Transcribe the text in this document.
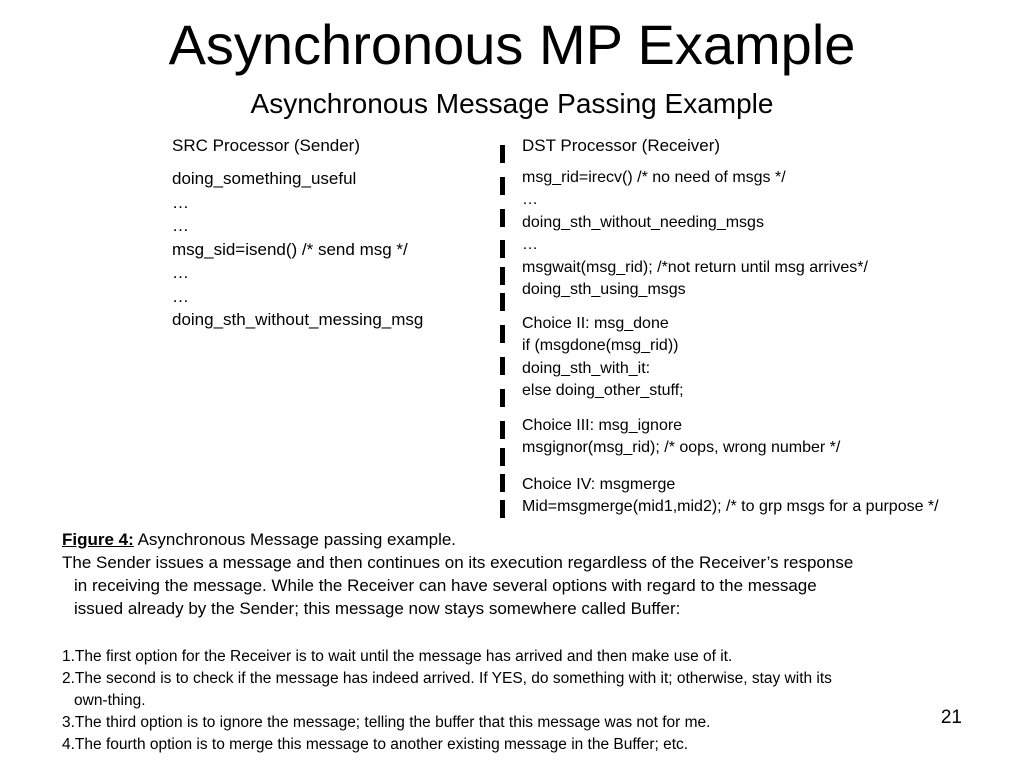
Asynchronous MP Example
Asynchronous Message Passing Example
SRC Processor (Sender)	DST Processor (Receiver)
doing_something_useful
…
…
msg_sid=isend() /* send msg */
…
…
doing_sth_without_messing_msg
msg_rid=irecv() /* no need of msgs */
…
doing_sth_without_needing_msgs
…
msgwait(msg_rid); /*not return until msg arrives*/
doing_sth_using_msgs
Choice II: msg_done
if (msgdone(msg_rid))
doing_sth_with_it:
else doing_other_stuff;
Choice III: msg_ignore
msgignor(msg_rid); /* oops, wrong number */
Choice IV: msgmerge
Mid=msgmerge(mid1,mid2); /* to grp msgs for a purpose */
Figure 4: Asynchronous Message passing example.
The Sender issues a message and then continues on its execution regardless of the Receiver’s response
in receiving the message. While the Receiver can have several options with regard to the message
issued already by the Sender; this message now stays somewhere called Buffer:
1.The first option for the Receiver is to wait until the message has arrived and then make use of it.
2.The second is to check if the message has indeed arrived. If YES, do something with it; otherwise, stay with its
own-thing.
3.The third option is to ignore the message; telling the buffer that this message was not for me.
4.The fourth option is to merge this message to another existing message in the Buffer; etc.
21
